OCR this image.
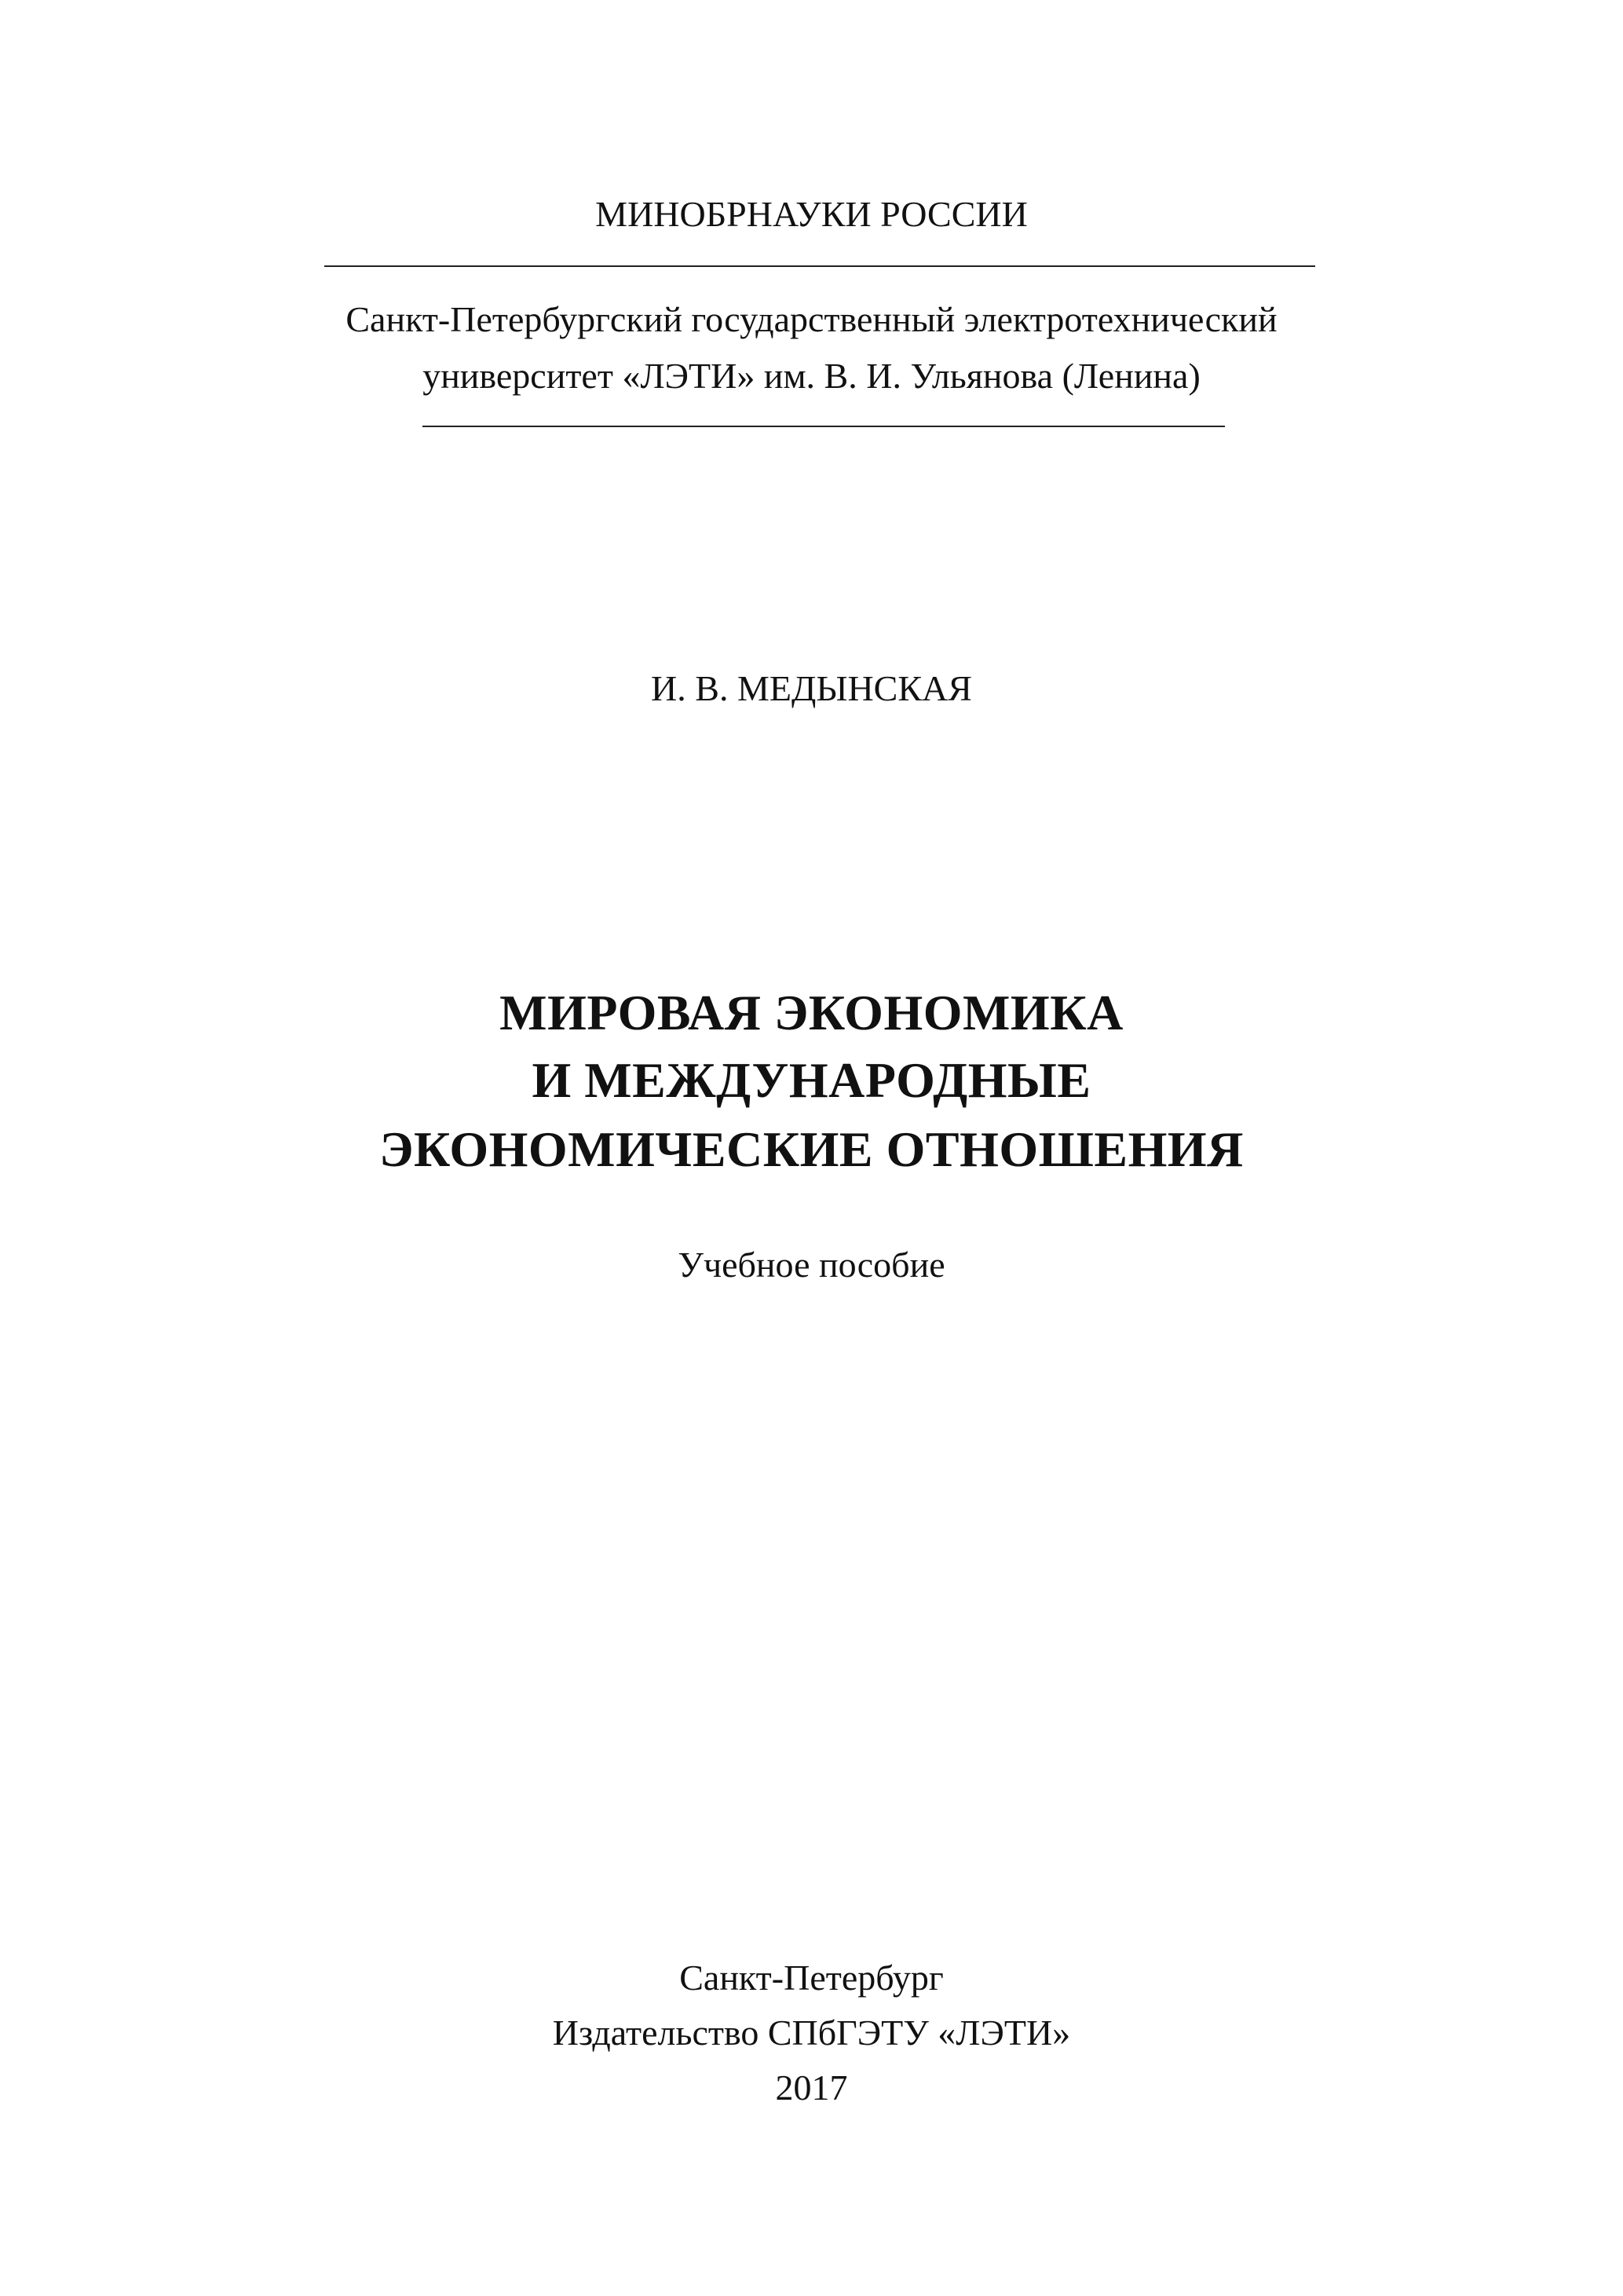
МИНОБРНАУКИ РОССИИ
Санкт-Петербургский государственный электротехнический
университет «ЛЭТИ» им. В. И. Ульянова (Ленина)
И. В. МЕДЫНСКАЯ
МИРОВАЯ ЭКОНОМИКА
И МЕЖДУНАРОДНЫЕ
ЭКОНОМИЧЕСКИЕ ОТНОШЕНИЯ
Учебное пособие
Санкт-Петербург
Издательство СПбГЭТУ «ЛЭТИ»
2017
